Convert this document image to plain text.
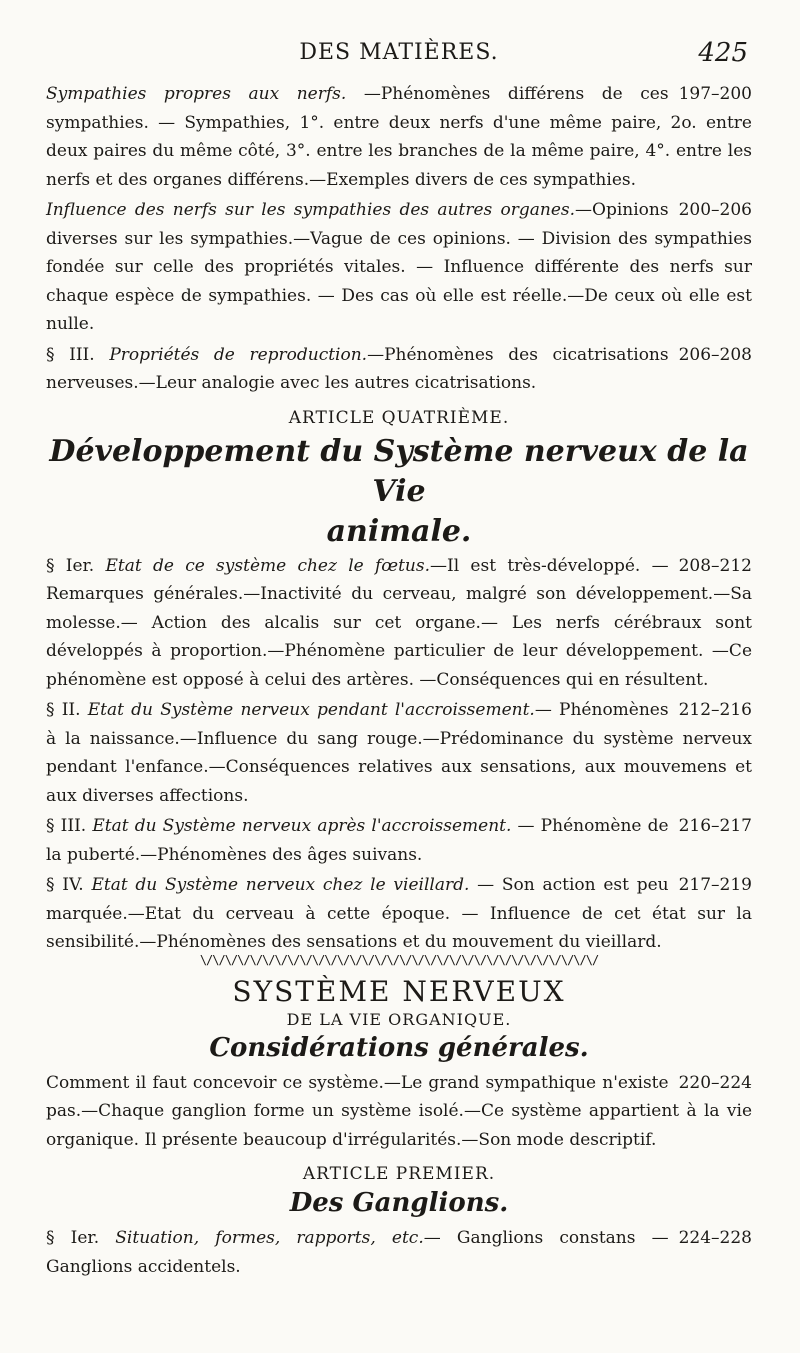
DES MATIÈRES.	425

197–200
Sympathies propres aux nerfs. —Phénomènes différens de ces sympathies. — Sympathies, 1°. entre deux nerfs d'une même paire, 2o. entre deux paires du même côté, 3°. entre les branches de la même paire, 4°. entre les nerfs et des organes différens.—Exemples divers de ces sympathies.

200–206
Influence des nerfs sur les sympathies des autres organes.—Opinions diverses sur les sympathies.—Vague de ces opinions. — Division des sympathies fondée sur celle des propriétés vitales. — Influence différente des nerfs sur chaque espèce de sympathies. — Des cas où elle est réelle.—De ceux où elle est nulle.

206–208
§ III. Propriétés de reproduction.—Phénomènes des cicatrisations nerveuses.—Leur analogie avec les autres cicatrisations.

ARTICLE QUATRIÈME.
Développement du Système nerveux de la Vie
animale.

208–212
§ Ier. Etat de ce système chez le fœtus.—Il est très-développé. — Remarques générales.—Inactivité du cerveau, malgré son développement.—Sa molesse.— Action des alcalis sur cet organe.— Les nerfs cérébraux sont développés à proportion.—Phénomène particulier de leur développement. —Ce phénomène est opposé à celui des artères. —Conséquences qui en résultent.

212–216
§ II. Etat du Système nerveux pendant l'accroissement.— Phénomènes à la naissance.—Influence du sang rouge.—Prédominance du système nerveux pendant l'enfance.—Conséquences relatives aux sensations, aux mouvemens et aux diverses affections.

216–217
§ III. Etat du Système nerveux après l'accroissement. — Phénomène de la puberté.—Phénomènes des âges suivans.

217–219
§ IV. Etat du Système nerveux chez le vieillard. — Son action est peu marquée.—Etat du cerveau à cette époque. — Influence de cet état sur la sensibilité.—Phénomènes des sensations et du mouvement du vieillard.

\/\/\/\/\/\/\/\/\/\/\/\/\/\/\/\/\/\/\/\/\/\/\/\/\/\/\/\/\/\/\/\/
SYSTÈME NERVEUX
DE LA VIE ORGANIQUE.
Considérations générales.

220–224
Comment il faut concevoir ce système.—Le grand sympathique n'existe pas.—Chaque ganglion forme un système isolé.—Ce système appartient à la vie organique. Il présente beaucoup d'irrégularités.—Son mode descriptif.

ARTICLE PREMIER.
Des Ganglions.

224–228
§ Ier. Situation, formes, rapports, etc.— Ganglions constans — Ganglions accidentels.
